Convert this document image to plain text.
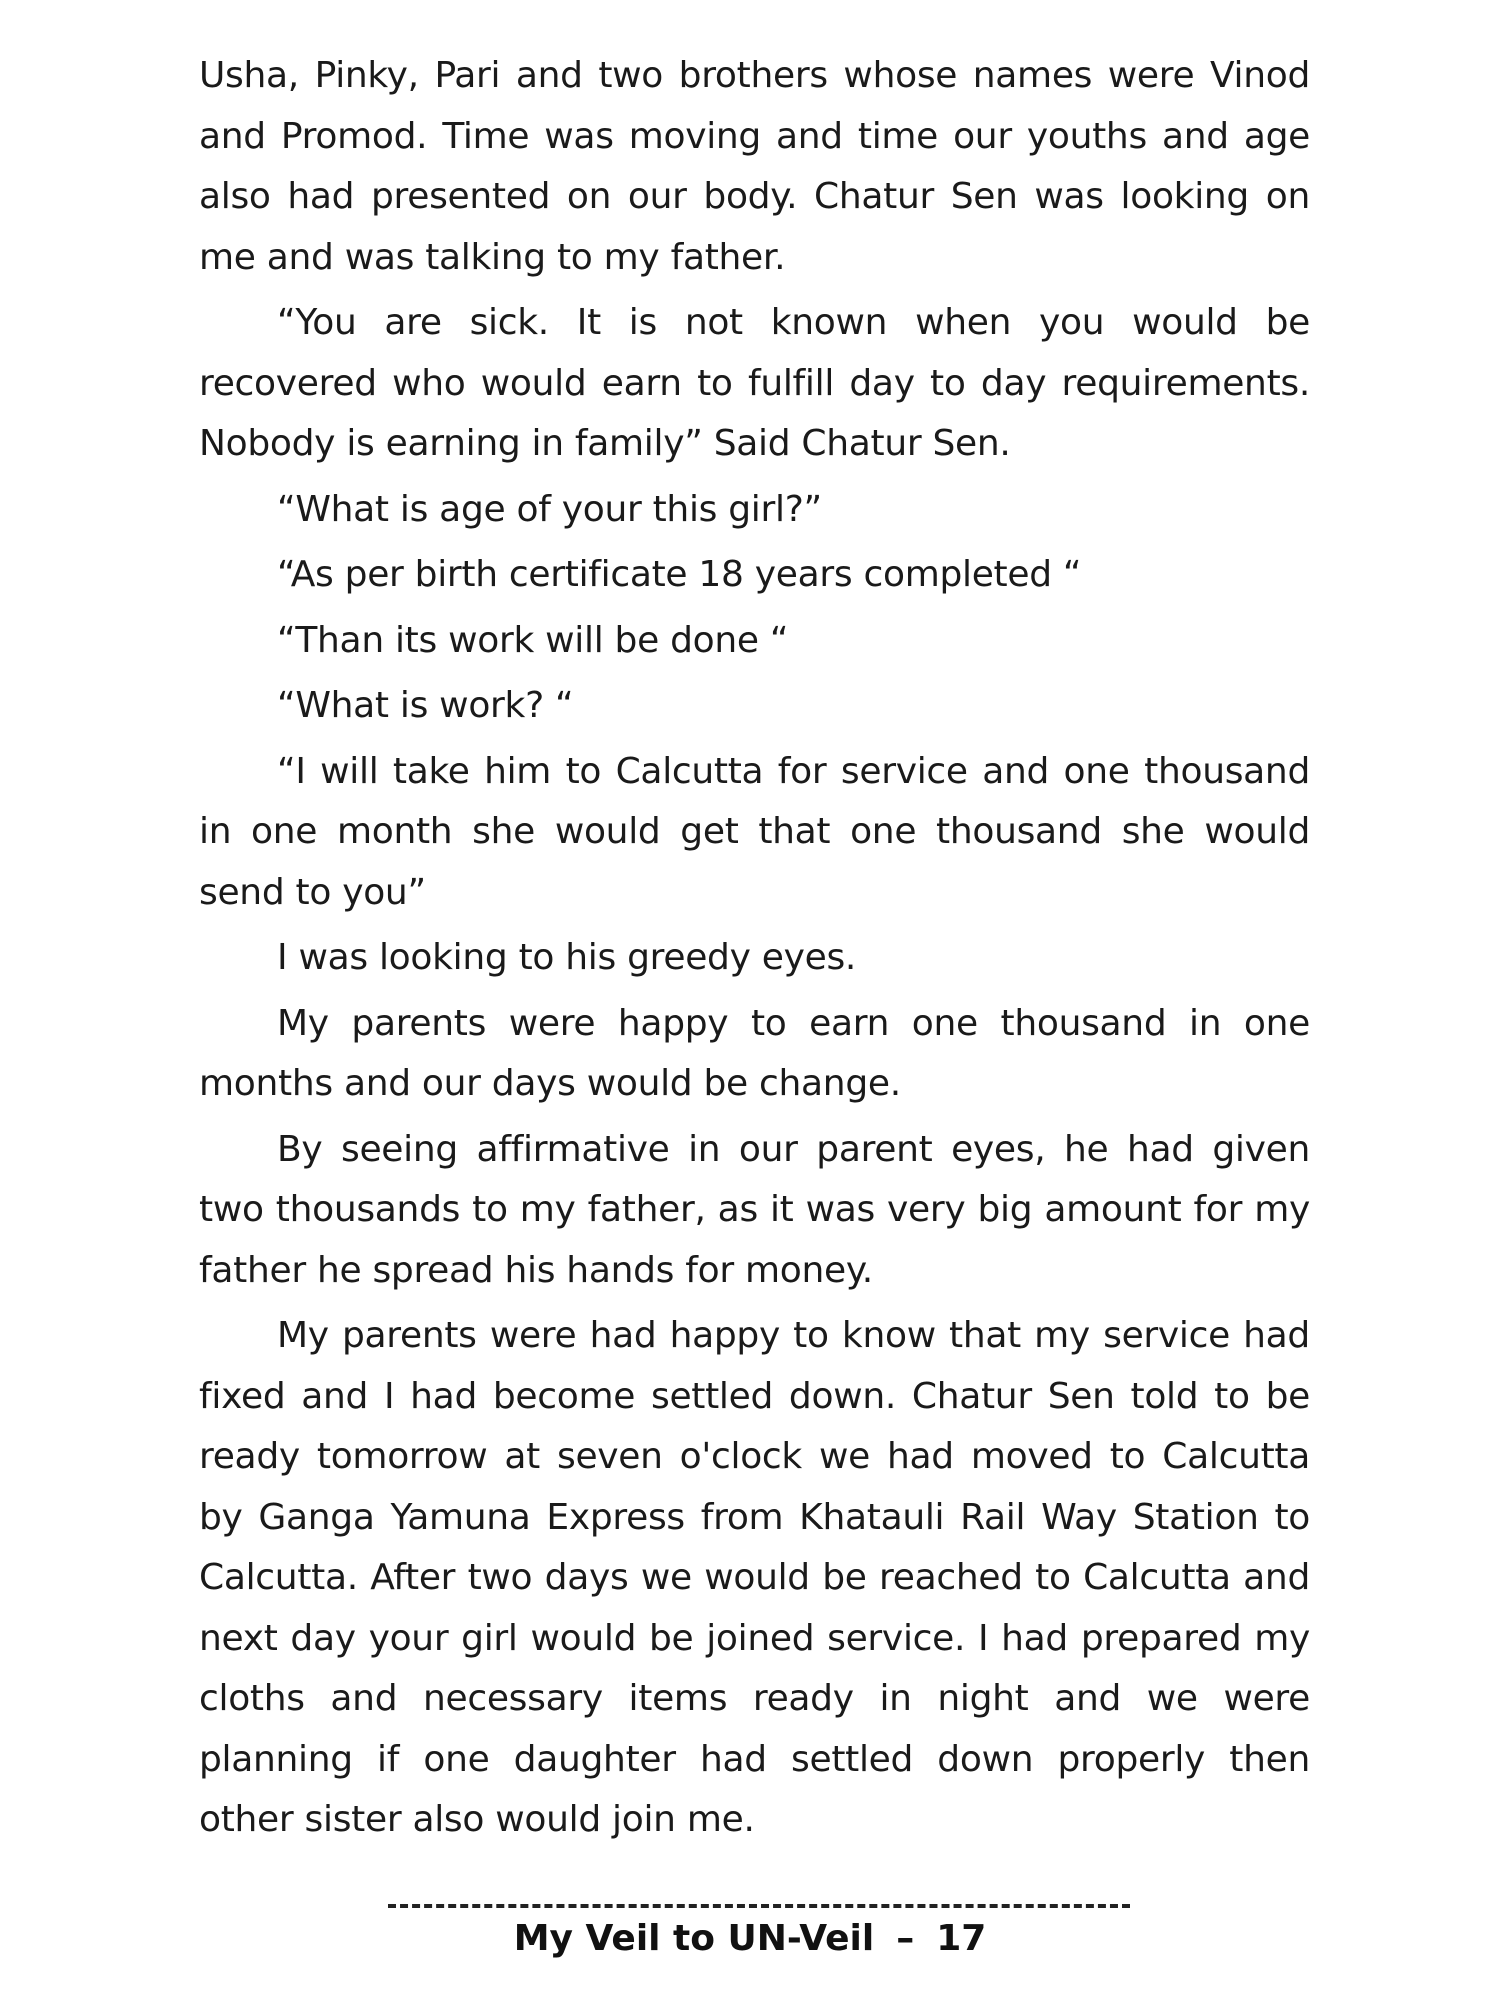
Usha, Pinky, Pari and two brothers whose names were Vinod and Promod. Time was moving and time our youths and age also had presented on our body. Chatur Sen was looking on me and was talking to my father.

“You are sick. It is not known when you would be recovered who would earn to fulfill day to day requirements. Nobody is earning in family” Said Chatur Sen.

“What is age of your this girl?”

“As per birth certificate 18 years completed “

“Than its work will be done “

“What is work? “

“I will take him to Calcutta for service and one thousand in one month she would get that one thousand she would send to you”

I was looking to his greedy eyes.

My parents were happy to earn one thousand in one months and our days would be change.

By seeing affirmative in our parent eyes, he had given two thousands to my father, as it was very big amount for my father he spread his hands for money.

My parents were had happy to know that my service had fixed and I had become settled down. Chatur Sen told to be ready tomorrow at seven o'clock we had moved to Calcutta by Ganga Yamuna Express from Khatauli Rail Way Station to Calcutta. After two days we would be reached to Calcutta and next day your girl would be joined service. I had prepared my cloths and necessary items ready in night and we were planning if one daughter had settled down properly then other sister also would join me.

My Veil to UN-Veil – 17
